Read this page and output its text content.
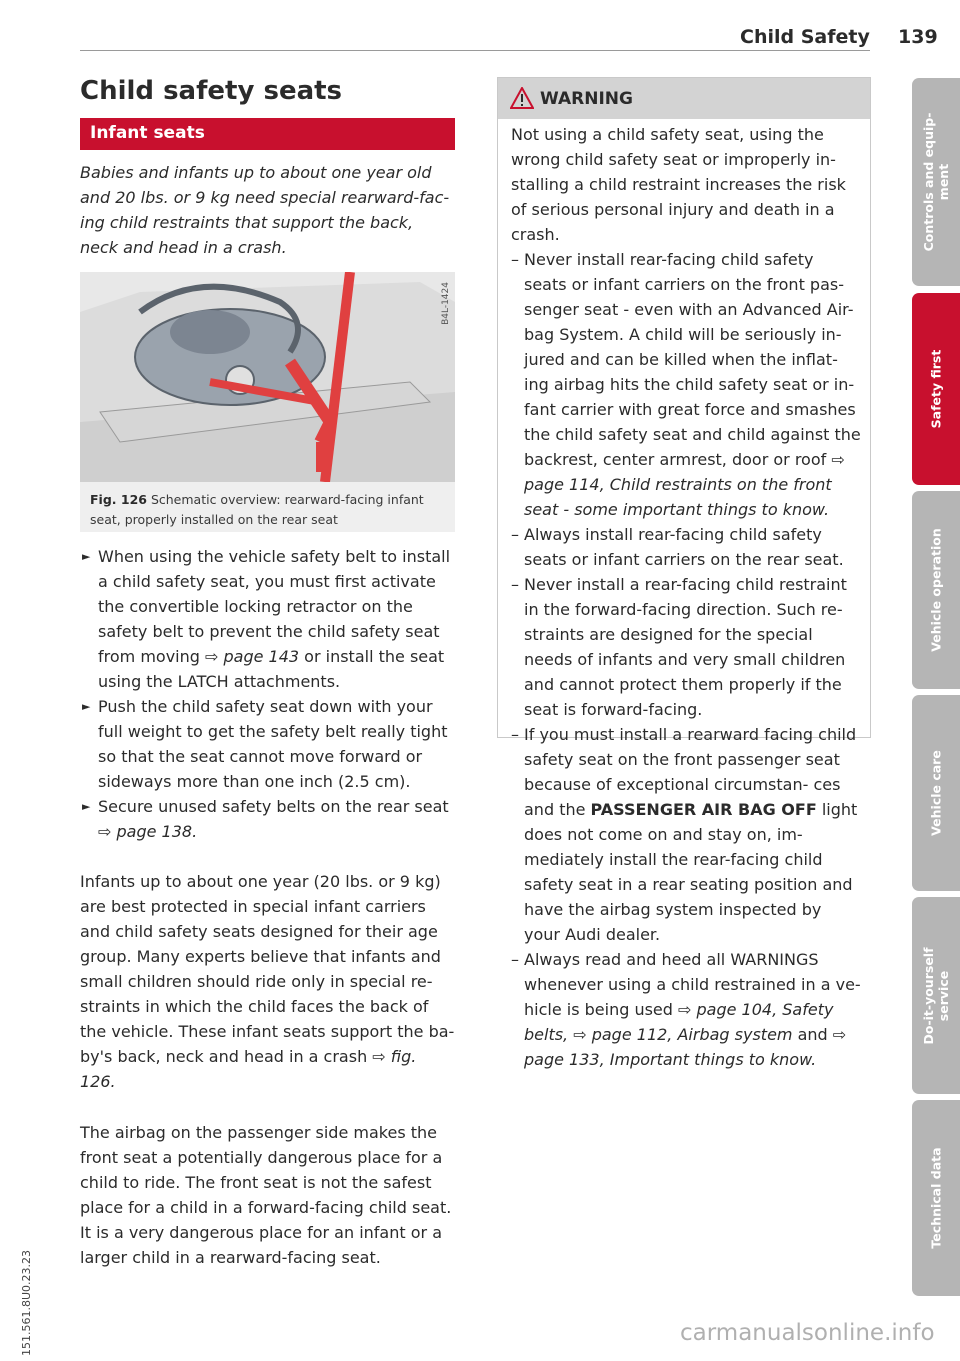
Child Safety 139
Child safety seats
Infant seats
Babies and infants up to about one year old and 20 lbs. or 9 kg need special rearward-fac- ing child restraints that support the back, neck and head in a crash.
B4L-1424
Fig. 126 Schematic overview: rearward-facing infant seat, properly installed on the rear seat
► When using the vehicle safety belt to install a child safety seat, you must first activate the convertible locking retractor on the safety belt to prevent the child safety seat from moving ⇨ page 143 or install the seat using the LATCH attachments.
► Push the child safety seat down with your full weight to get the safety belt really tight so that the seat cannot move forward or sideways more than one inch (2.5 cm).
► Secure unused safety belts on the rear seat ⇨ page 138.
Infants up to about one year (20 lbs. or 9 kg) are best protected in special infant carriers and child safety seats designed for their age group. Many experts believe that infants and small children should ride only in special re- straints in which the child faces the back of the vehicle. These infant seats support the ba- by's back, neck and head in a crash ⇨ fig. 126.
The airbag on the passenger side makes the front seat a potentially dangerous place for a child to ride. The front seat is not the safest place for a child in a forward-facing child seat. It is a very dangerous place for an infant or a larger child in a rearward-facing seat.
WARNING
Not using a child safety seat, using the wrong child safety seat or improperly in- stalling a child restraint increases the risk of serious personal injury and death in a crash.
– Never install rear-facing child safety seats or infant carriers on the front pas- senger seat - even with an Advanced Air- bag System. A child will be seriously in- jured and can be killed when the inflat- ing airbag hits the child safety seat or in- fant carrier with great force and smashes the child safety seat and child against the backrest, center armrest, door or roof ⇨ page 114, Child restraints on the front seat - some important things to know.
– Always install rear-facing child safety seats or infant carriers on the rear seat.
– Never install a rear-facing child restraint in the forward-facing direction. Such re- straints are designed for the special needs of infants and very small children and cannot protect them properly if the seat is forward-facing.
– If you must install a rearward facing child safety seat on the front passenger seat because of exceptional circumstan- ces and the PASSENGER AIR BAG OFF light does not come on and stay on, im- mediately install the rear-facing child safety seat in a rear seating position and have the airbag system inspected by your Audi dealer.
– Always read and heed all WARNINGS whenever using a child restrained in a ve- hicle is being used ⇨ page 104, Safety belts, ⇨ page 112, Airbag system and ⇨ page 133, Important things to know.
Controls and equip-
ment
Safety first
Vehicle operation
Vehicle care
Do-it-yourself
service
Technical data
151.561.8U0.23.23	carmanualsonline.info
